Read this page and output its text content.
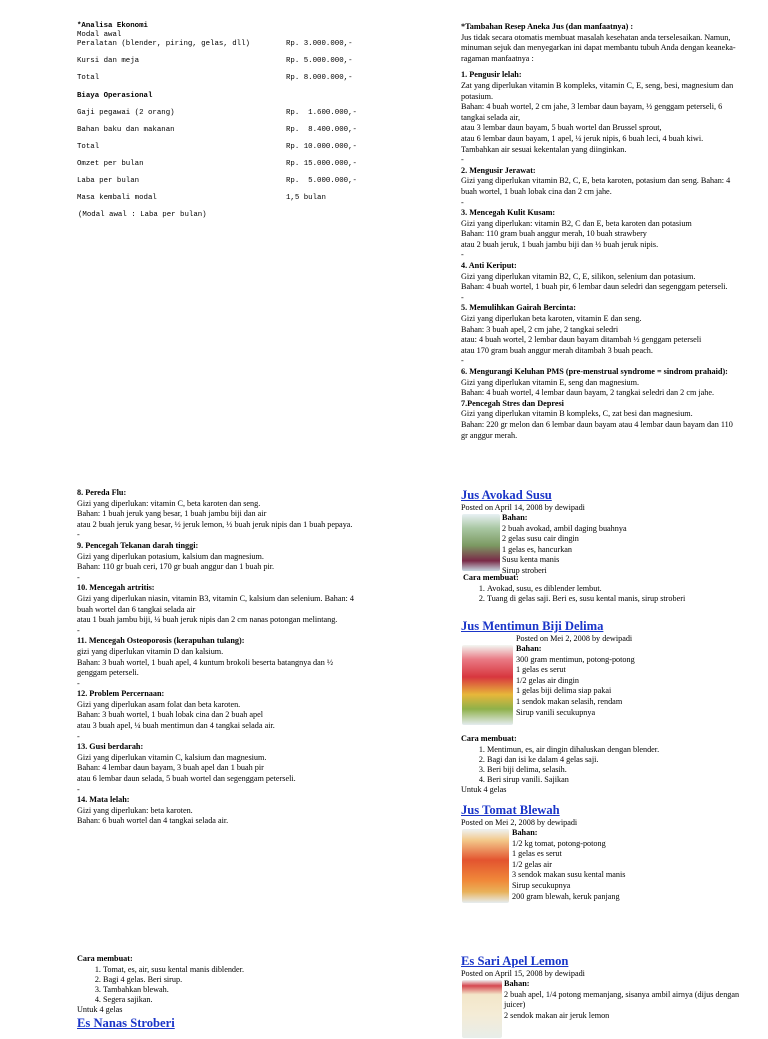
*Analisa Ekonomi
Modal awal
Peralatan (blender, piring, gelas, dll)	Rp. 3.000.000,-
Kursi dan meja	Rp. 5.000.000,-
Total	Rp. 8.000.000,-
Biaya Operasional
Gaji pegawai (2 orang)	Rp.  1.600.000,-
Bahan baku dan makanan	Rp.  8.400.000,-
Total	Rp. 10.000.000,-
Omzet per bulan	Rp. 15.000.000,-
Laba per bulan	Rp.  5.000.000,-
Masa kembali modal	1,5 bulan
(Modal awal : Laba per bulan)
*Tambahan Resep Aneka Jus (dan manfaatnya) :
Jus tidak secara otomatis membuat masalah kesehatan anda terselesaikan. Namun,
minuman sejuk dan menyegarkan ini dapat membantu tubuh Anda dengan keaneka-
ragaman manfaatnya :
1. Pengusir lelah:
Zat yang diperlukan vitamin B kompleks, vitamin C, E, seng, besi, magnesium dan
potasium.
Bahan: 4 buah wortel, 2 cm jahe, 3 lembar daun bayam, ½ genggam peterseli, 6
tangkai selada air,
atau 3 lembar daun bayam, 5 buah wortel dan Brussel sprout,
atau 6 lembar daun bayam, 1 apel, ¼ jeruk nipis, 6 buah leci, 4 buah kiwi.
Tambahkan air sesuai kekentalan yang diinginkan.
-
2. Mengusir Jerawat:
Gizi yang diperlukan vitamin B2, C, E, beta karoten, potasium dan seng. Bahan: 4
buah wortel, 1 buah lobak cina dan 2 cm jahe.
-
3. Mencegah Kulit Kusam:
Gizi yang diperlukan: vitamin B2, C dan E, beta karoten dan potasium
Bahan: 110 gram buah anggur merah, 10 buah strawbery
atau 2 buah jeruk, 1 buah jambu biji dan ½ buah jeruk nipis.
-
4. Anti Keriput:
Gizi yang diperlukan vitamin B2, C, E, silikon, selenium dan potasium.
Bahan: 4 buah wortel, 1 buah pir, 6 lembar daun seledri dan segenggam peterseli.
-
5. Memulihkan Gairah Bercinta:
Gizi yang diperlukan beta karoten, vitamin E dan seng.
Bahan: 3 buah apel, 2 cm jahe, 2 tangkai seledri
atau: 4 buah wortel, 2 lembar daun bayam ditambah ½ genggam peterseli
atau 170 gram buah anggur merah ditambah 3 buah peach.
-
6. Mengurangi Keluhan PMS (pre-menstrual syndrome = sindrom prahaid):
Gizi yang diperlukan vitamin E, seng dan magnesium.
Bahan: 4 buah wortel, 4 lembar daun bayam, 2 tangkai seledri dan 2 cm jahe.
7.Pencegah Stres dan Depresi
Gizi yang diperlukan vitamin B kompleks, C, zat besi dan magnesium.
Bahan: 220 gr melon dan 6 lembar daun bayam atau 4 lembar daun bayam dan 110
gr anggur merah.
8. Pereda Flu:
Gizi yang diperlukan: vitamin C, beta karoten dan seng.
Bahan: 1 buah jeruk yang besar, 1 buah jambu biji dan air
atau 2 buah jeruk yang besar, ½ jeruk lemon, ½ buah jeruk nipis dan 1 buah pepaya.
-
9. Pencegah Tekanan darah tinggi:
Gizi yang diperlukan potasium, kalsium dan magnesium.
Bahan: 110 gr buah ceri, 170 gr buah anggur dan 1 buah pir.
-
10. Mencegah artritis:
Gizi yang diperlukan niasin, vitamin B3, vitamin C, kalsium dan selenium. Bahan: 4
buah wortel dan 6 tangkai selada air
atau 1 buah jambu biji, ¼ buah jeruk nipis dan 2 cm nanas potongan melintang.
-
11. Mencegah Osteoporosis (kerapuhan tulang):
gizi yang diperlukan vitamin D dan kalsium.
Bahan: 3 buah wortel, 1 buah apel, 4 kuntum brokoli beserta batangnya dan ½
genggam peterseli.
-
12. Problem Percernaan:
Gizi yang diperlukan asam folat dan beta karoten.
Bahan: 3 buah wortel, 1 buah lobak cina dan 2 buah apel
atau 3 buah apel, ¼ buah mentimun dan 4 tangkai selada air.
-
13. Gusi berdarah:
Gizi yang diperlukan vitamin C, kalsium dan magnesium.
Bahan: 4 lembar daun bayam, 3 buah apel dan 1 buah pir
atau 6 lembar daun selada, 5 buah wortel dan segenggam peterseli.
-
14. Mata lelah:
Gizi yang diperlukan: beta karoten.
Bahan: 6 buah wortel dan 4 tangkai selada air.
Jus Avokad Susu
Posted on April 14, 2008 by dewipadi
Bahan:
2 buah avokad, ambil daging buahnya
2 gelas susu cair dingin
1 gelas es, hancurkan
Susu kenta manis
Sirup stroberi
Cara membuat:
1. Avokad, susu, es diblender lembut.
2. Tuang di gelas saji. Beri es, susu kental manis, sirup stroberi
Jus Mentimun Biji Delima
Posted on Mei 2, 2008 by dewipadi
Bahan:
300 gram mentimun, potong-potong
1 gelas es serut
1/2 gelas air dingin
1 gelas biji delima siap pakai
1 sendok makan selasih, rendam
Sirup vanili secukupnya
Cara membuat:
1. Mentimun, es, air dingin dihaluskan dengan blender.
2. Bagi dan isi ke dalam 4 gelas saji.
3. Beri biji delima, selasih.
4. Beri sirup vanili. Sajikan
Untuk 4 gelas
Jus Tomat Blewah
Posted on Mei 2, 2008 by dewipadi
Bahan:
1/2 kg tomat, potong-potong
1 gelas es serut
1/2 gelas air
3 sendok makan susu kental manis
Sirup secukupnya
200 gram blewah, keruk panjang
Cara membuat:
1. Tomat, es, air, susu kental manis diblender.
2. Bagi 4 gelas. Beri sirup.
3. Tambahkan blewah.
4. Segera sajikan.
Untuk 4 gelas
Es Nanas Stroberi
Es Sari Apel Lemon
Posted on April 15, 2008 by dewipadi
Bahan:
2 buah apel, 1/4 potong memanjang, sisanya ambil airnya (dijus dengan
juicer)
2 sendok makan air jeruk lemon
